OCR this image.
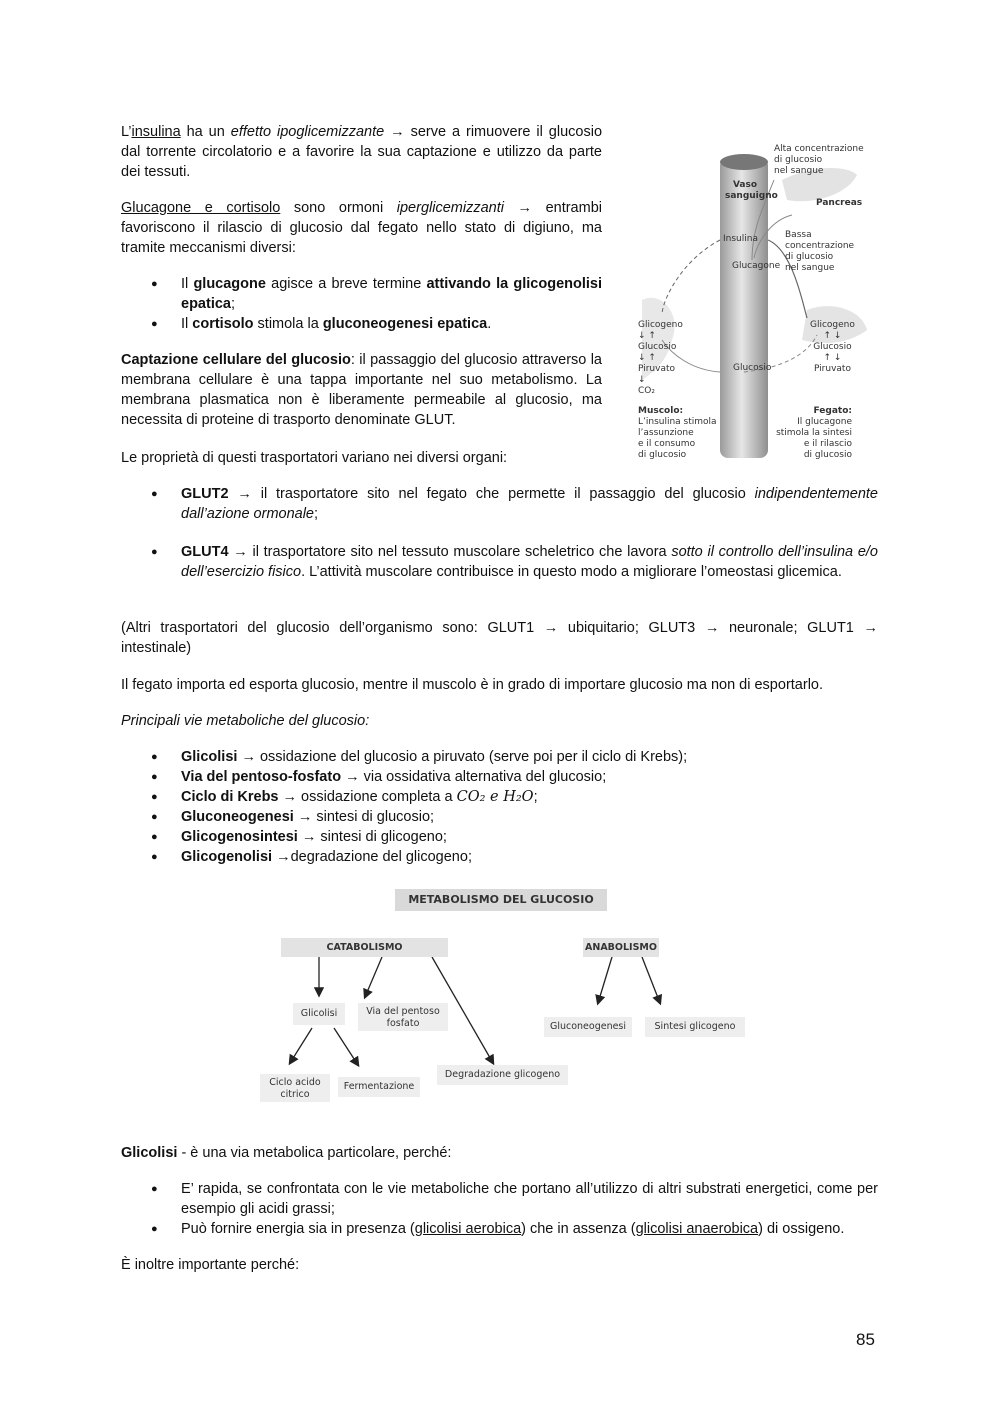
L’insulina ha un effetto ipoglicemizzante → serve a rimuovere il glucosio dal torrente circolatorio e a favorire la sua captazione e utilizzo da parte dei tessuti.

Glucagone e cortisolo sono ormoni iperglicemizzanti → entrambi favoriscono il rilascio di glucosio dal fegato nello stato di digiuno, ma tramite meccanismi diversi:

● Il glucagone agisce a breve termine attivando la glicogenolisi epatica;
● Il cortisolo stimola la gluconeogenesi epatica.

Captazione cellulare del glucosio: il passaggio del glucosio attraverso la membrana cellulare è una tappa importante nel suo metabolismo. La membrana plasmatica non è liberamente permeabile al glucosio, ma necessita di proteine di trasporto denominate GLUT.

Le proprietà di questi trasportatori variano nei diversi organi:

Alta concentrazione
di glucosio
nel sangue
Vaso
sanguigno
Pancreas
Insulina
Glucagone
Bassa
concentrazione
di glucosio
nel sangue
Glicogeno
↓ ↑
Glucosio
↓ ↑
Piruvato
↓
CO₂
Glucosio
Glicogeno
↑ ↓
Glucosio
↑ ↓
Piruvato
Muscolo:
L’insulina stimola
l’assunzione
e il consumo
di glucosio
Fegato:
Il glucagone
stimola la sintesi
e il rilascio
di glucosio
● GLUT2 → il trasportatore sito nel fegato che permette il passaggio del glucosio indipendentemente dall’azione ormonale;
● GLUT4 → il trasportatore sito nel tessuto muscolare scheletrico che lavora sotto il controllo dell’insulina e/o dell’esercizio fisico. L’attività muscolare contribuisce in questo modo a migliorare l’omeostasi glicemica.

(Altri trasportatori del glucosio dell’organismo sono: GLUT1 → ubiquitario; GLUT3 → neuronale; GLUT1 → intestinale)

Il fegato importa ed esporta glucosio, mentre il muscolo è in grado di importare glucosio ma non di esportarlo.

Principali vie metaboliche del glucosio:

● Glicolisi → ossidazione del glucosio a piruvato (serve poi per il ciclo di Krebs);
● Via del pentoso-fosfato → via ossidativa alternativa del glucosio;
● Ciclo di Krebs → ossidazione completa a CO₂ e H₂O;
● Gluconeogenesi → sintesi di glucosio;
● Glicogenosintesi → sintesi di glicogeno;
● Glicogenolisi →degradazione del glicogeno;
METABOLISMO DEL GLUCOSIO
CATABOLISMO	ANABOLISMO
Glicolisi	Via del pentoso
fosfato
Degradazione glicogeno
Gluconeogenesi	Sintesi glicogeno
Ciclo acido
citrico
Fermentazione

Glicolisi - è una via metabolica particolare, perché:

● E’ rapida, se confrontata con le vie metaboliche che portano all’utilizzo di altri substrati energetici, come per esempio gli acidi grassi;
● Può fornire energia sia in presenza (glicolisi aerobica) che in assenza (glicolisi anaerobica) di ossigeno.

È inoltre importante perché:

85
